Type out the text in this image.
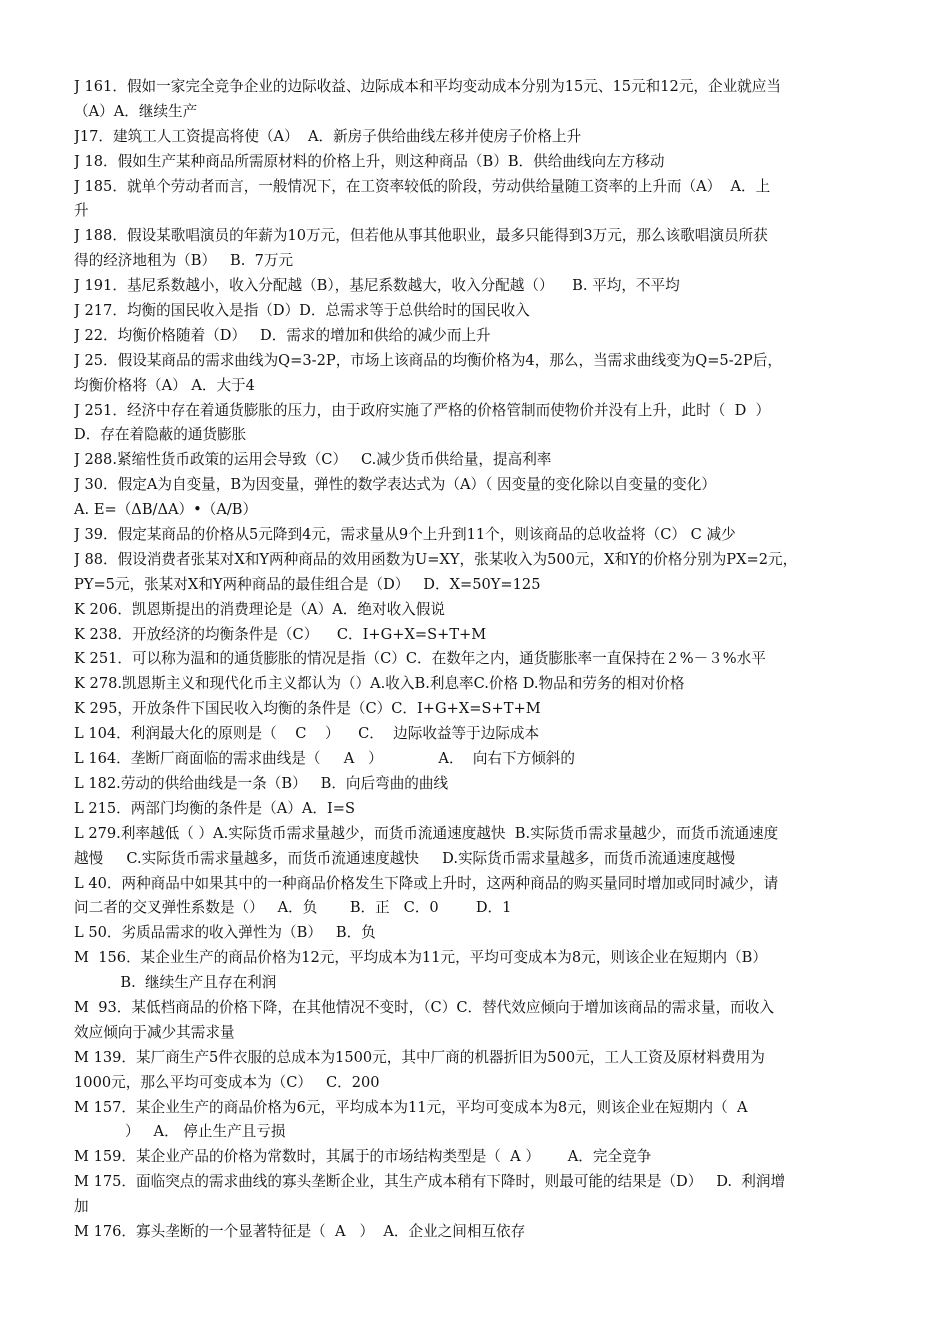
J 161．假如一家完全竞争企业的边际收益、边际成本和平均变动成本分别为15元、15元和12元，企业就应当
（A）A．继续生产
J17．建筑工人工资提高将使（A）  A．新房子供给曲线左移并使房子价格上升
J 18．假如生产某种商品所需原材料的价格上升，则这种商品（B）B．供给曲线向左方移动
J 185．就单个劳动者而言，一般情况下，在工资率较低的阶段，劳动供给量随工资率的上升而（A）  A．上
升
J 188．假设某歌唱演员的年薪为10万元，但若他从事其他职业，最多只能得到3万元，那么该歌唱演员所获
得的经济地租为（B）   B.  7万元
J 191．基尼系数越小，收入分配越（B），基尼系数越大，收入分配越（）    B. 平均，不平均
J 217．均衡的国民收入是指（D）D．总需求等于总供给时的国民收入
J 22．均衡价格随着（D）   D．需求的增加和供给的减少而上升
J 25．假设某商品的需求曲线为Q=3-2P，市场上该商品的均衡价格为4，那么，当需求曲线变为Q=5-2P后，
均衡价格将（A） A．大于4
J 251．经济中存在着通货膨胀的压力，由于政府实施了严格的价格管制而使物价并没有上升，此时（  D  ）
D．存在着隐蔽的通货膨胀
J 288.紧缩性货币政策的运用会导致（C）   C.减少货币供给量，提高利率
J 30．假定A为自变量，B为因变量，弹性的数学表达式为（A）（ 因变量的变化除以自变量的变化）
A. E=（ΔB/ΔA）•（A/B）
J 39．假定某商品的价格从5元降到4元，需求量从9个上升到11个，则该商品的总收益将（C） C 减少
J 88．假设消费者张某对X和Y两种商品的效用函数为U=XY，张某收入为500元，X和Y的价格分别为PX=2元，
PY=5元，张某对X和Y两种商品的最佳组合是（D）   D．X=50Y=125
K 206．凯恩斯提出的消费理论是（A）A．绝对收入假说
K 238．开放经济的均衡条件是（C）    C．I+G+X=S+T+M
K 251．可以称为温和的通货膨胀的情况是指（C）C．在数年之内，通货膨胀率一直保持在２%－３%水平
K 278.凯恩斯主义和现代化币主义都认为（）A.收入B.利息率C.价格 D.物品和劳务的相对价格
K 295，开放条件下国民收入均衡的条件是（C）C．I+G+X=S+T+M
L 104．利润最大化的原则是（    C    ）    C．  边际收益等于边际成本
L 164．垄断厂商面临的需求曲线是（     A   ）            A．  向右下方倾斜的
L 182.劳动的供给曲线是一条（B）   B．向后弯曲的曲线
L 215．两部门均衡的条件是（A）A．I=S
L 279.利率越低（ ）A.实际货币需求量越少，而货币流通速度越快  B.实际货币需求量越少，而货币流通速度
越慢     C.实际货币需求量越多，而货币流通速度越快     D.实际货币需求量越多，而货币流通速度越慢
L 40．两种商品中如果其中的一种商品价格发生下降或上升时，这两种商品的购买量同时增加或同时减少，请
问二者的交叉弹性系数是（）   A．负       B．正   C．0        D．1
L 50．劣质品需求的收入弹性为（B）   B．负
M  156．某企业生产的商品价格为12元，平均成本为11元，平均可变成本为8元，则该企业在短期内（B）
B.  继续生产且存在利润
M  93．某低档商品的价格下降，在其他情况不变时，（C）C．替代效应倾向于增加该商品的需求量，而收入
效应倾向于减少其需求量
M 139．某厂商生产5件衣服的总成本为1500元，其中厂商的机器折旧为500元，工人工资及原材料费用为
1000元，那么平均可变成本为（C）   C．200
M 157．某企业生产的商品价格为6元，平均成本为11元，平均可变成本为8元，则该企业在短期内（  A
）   A． 停止生产且亏损
M 159．某企业产品的价格为常数时，其属于的市场结构类型是（  A ）      A．完全竞争
M 175．面临突点的需求曲线的寡头垄断企业，其生产成本稍有下降时，则最可能的结果是（D）   D.  利润增
加
M 176．寡头垄断的一个显著特征是（  A   ）  A．企业之间相互依存
